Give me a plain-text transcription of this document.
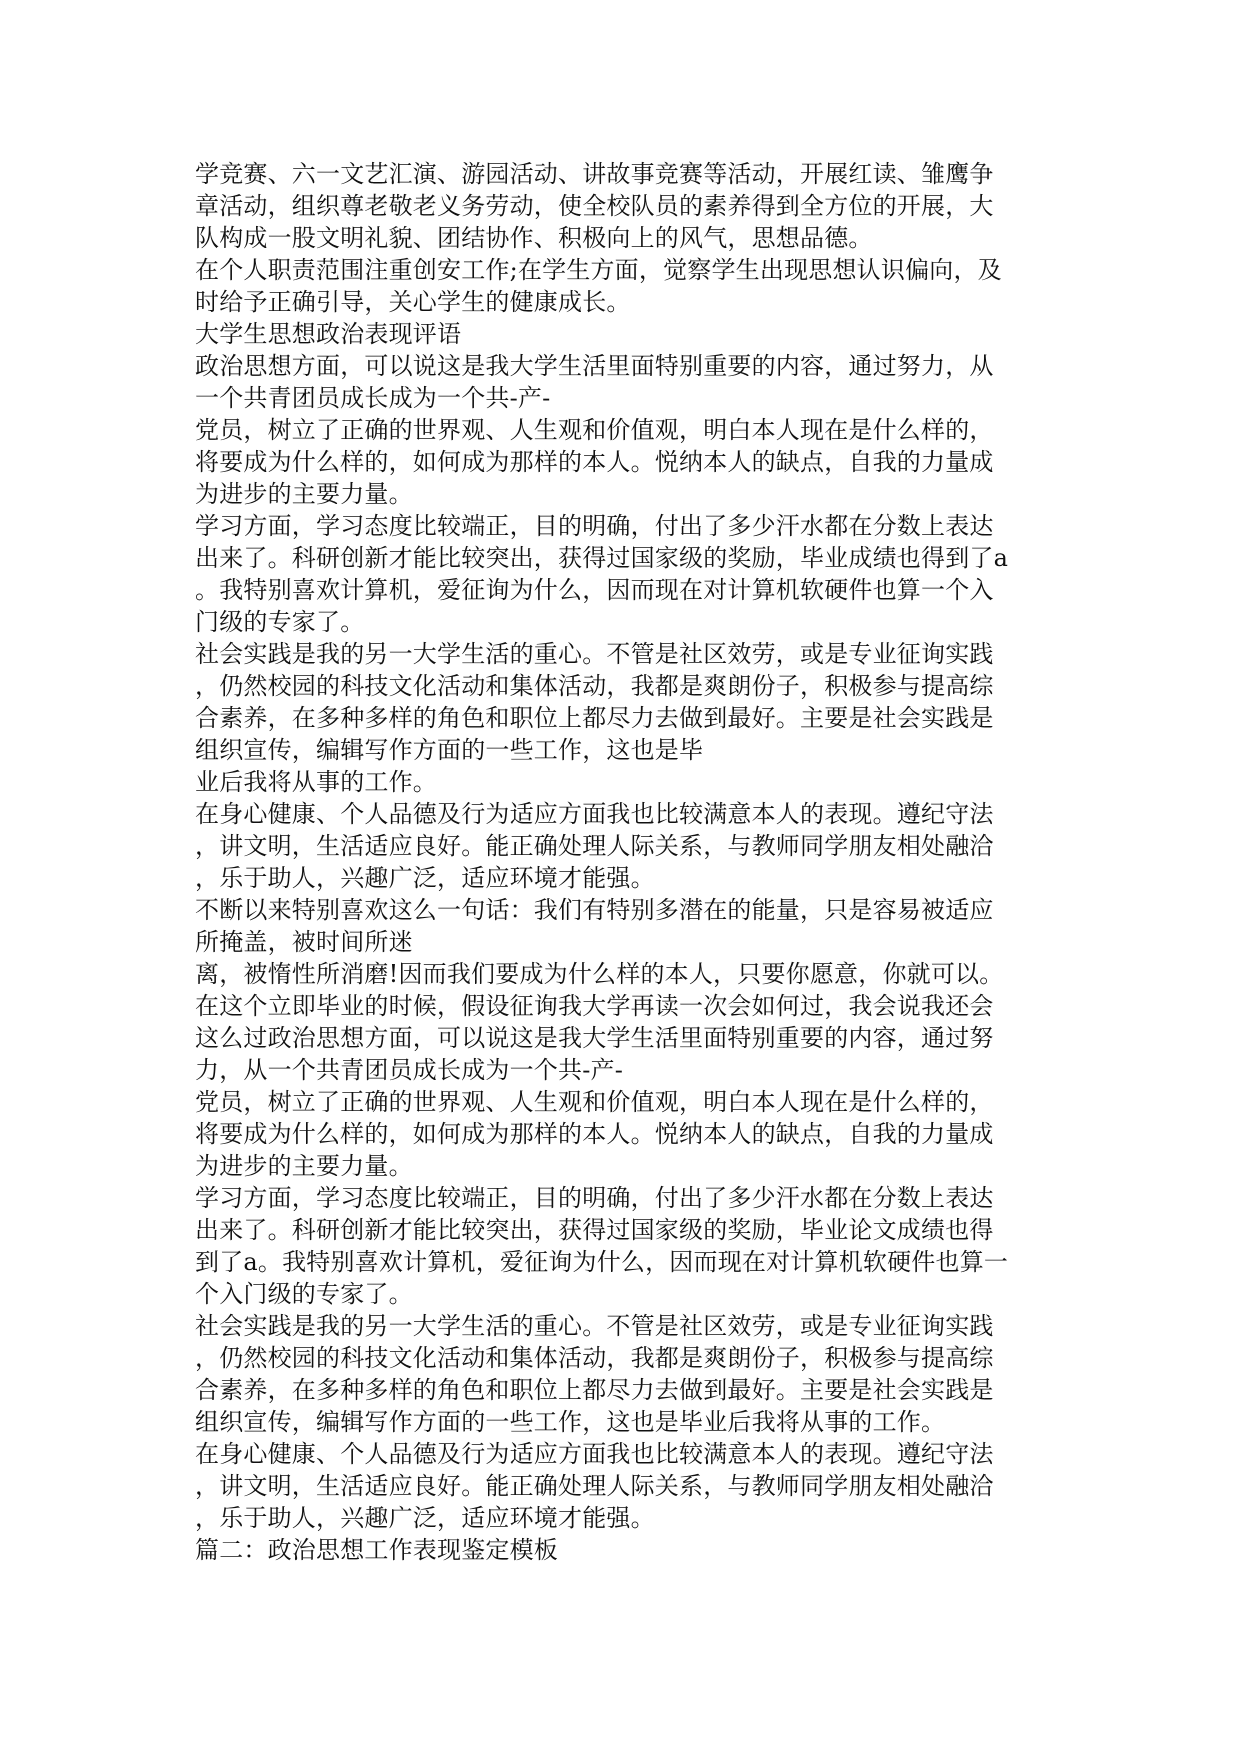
学竞赛、六一文艺汇演、游园活动、讲故事竞赛等活动，开展红读、雏鹰争
章活动，组织尊老敬老义务劳动，使全校队员的素养得到全方位的开展，大
队构成一股文明礼貌、团结协作、积极向上的风气，思想品德。
在个人职责范围注重创安工作;在学生方面，觉察学生出现思想认识偏向，及
时给予正确引导，关心学生的健康成长。
大学生思想政治表现评语
政治思想方面，可以说这是我大学生活里面特别重要的内容，通过努力，从
一个共青团员成长成为一个共-产-
党员，树立了正确的世界观、人生观和价值观，明白本人现在是什么样的，
将要成为什么样的，如何成为那样的本人。悦纳本人的缺点，自我的力量成
为进步的主要力量。
学习方面，学习态度比较端正，目的明确，付出了多少汗水都在分数上表达
出来了。科研创新才能比较突出，获得过国家级的奖励，毕业成绩也得到了a
。我特别喜欢计算机，爱征询为什么，因而现在对计算机软硬件也算一个入
门级的专家了。
社会实践是我的另一大学生活的重心。不管是社区效劳，或是专业征询实践
，仍然校园的科技文化活动和集体活动，我都是爽朗份子，积极参与提高综
合素养，在多种多样的角色和职位上都尽力去做到最好。主要是社会实践是
组织宣传，编辑写作方面的一些工作，这也是毕
业后我将从事的工作。
在身心健康、个人品德及行为适应方面我也比较满意本人的表现。遵纪守法
，讲文明，生活适应良好。能正确处理人际关系，与教师同学朋友相处融洽
，乐于助人，兴趣广泛，适应环境才能强。
不断以来特别喜欢这么一句话：我们有特别多潜在的能量，只是容易被适应
所掩盖，被时间所迷
离，被惰性所消磨!因而我们要成为什么样的本人，只要你愿意，你就可以。
在这个立即毕业的时候，假设征询我大学再读一次会如何过，我会说我还会
这么过政治思想方面，可以说这是我大学生活里面特别重要的内容，通过努
力，从一个共青团员成长成为一个共-产-
党员，树立了正确的世界观、人生观和价值观，明白本人现在是什么样的，
将要成为什么样的，如何成为那样的本人。悦纳本人的缺点，自我的力量成
为进步的主要力量。
学习方面，学习态度比较端正，目的明确，付出了多少汗水都在分数上表达
出来了。科研创新才能比较突出，获得过国家级的奖励，毕业论文成绩也得
到了a。我特别喜欢计算机，爱征询为什么，因而现在对计算机软硬件也算一
个入门级的专家了。
社会实践是我的另一大学生活的重心。不管是社区效劳，或是专业征询实践
，仍然校园的科技文化活动和集体活动，我都是爽朗份子，积极参与提高综
合素养，在多种多样的角色和职位上都尽力去做到最好。主要是社会实践是
组织宣传，编辑写作方面的一些工作，这也是毕业后我将从事的工作。
在身心健康、个人品德及行为适应方面我也比较满意本人的表现。遵纪守法
，讲文明，生活适应良好。能正确处理人际关系，与教师同学朋友相处融洽
，乐于助人，兴趣广泛，适应环境才能强。
篇二：政治思想工作表现鉴定模板
